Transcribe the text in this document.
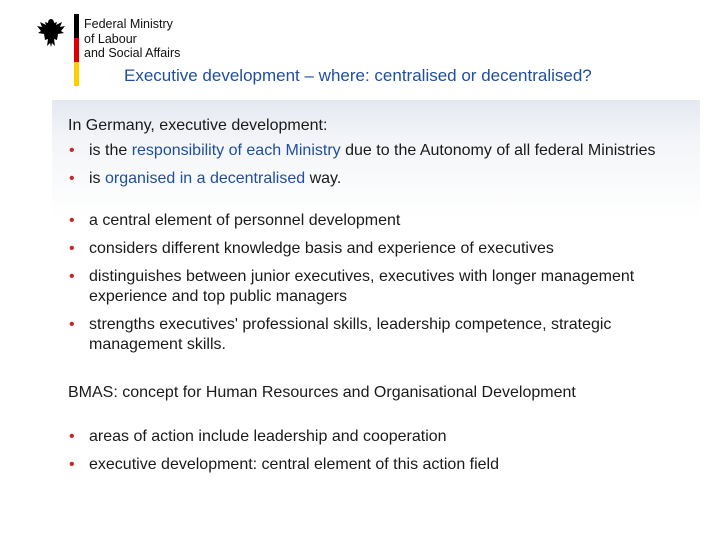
Federal Ministry
of Labour
and Social Affairs
Executive development – where: centralised or decentralised?

In Germany, executive development:

• is the responsibility of each Ministry due to the Autonomy of all federal Ministries
• is organised in a decentralised way.
• a central element of personnel development
• considers different knowledge basis and experience of executives
• distinguishes between junior executives, executives with longer management experience and top public managers
• strengths executives' professional skills, leadership competence, strategic management skills.

BMAS: concept for Human Resources and Organisational Development

• areas of action include leadership and cooperation
• executive development: central element of this action field
